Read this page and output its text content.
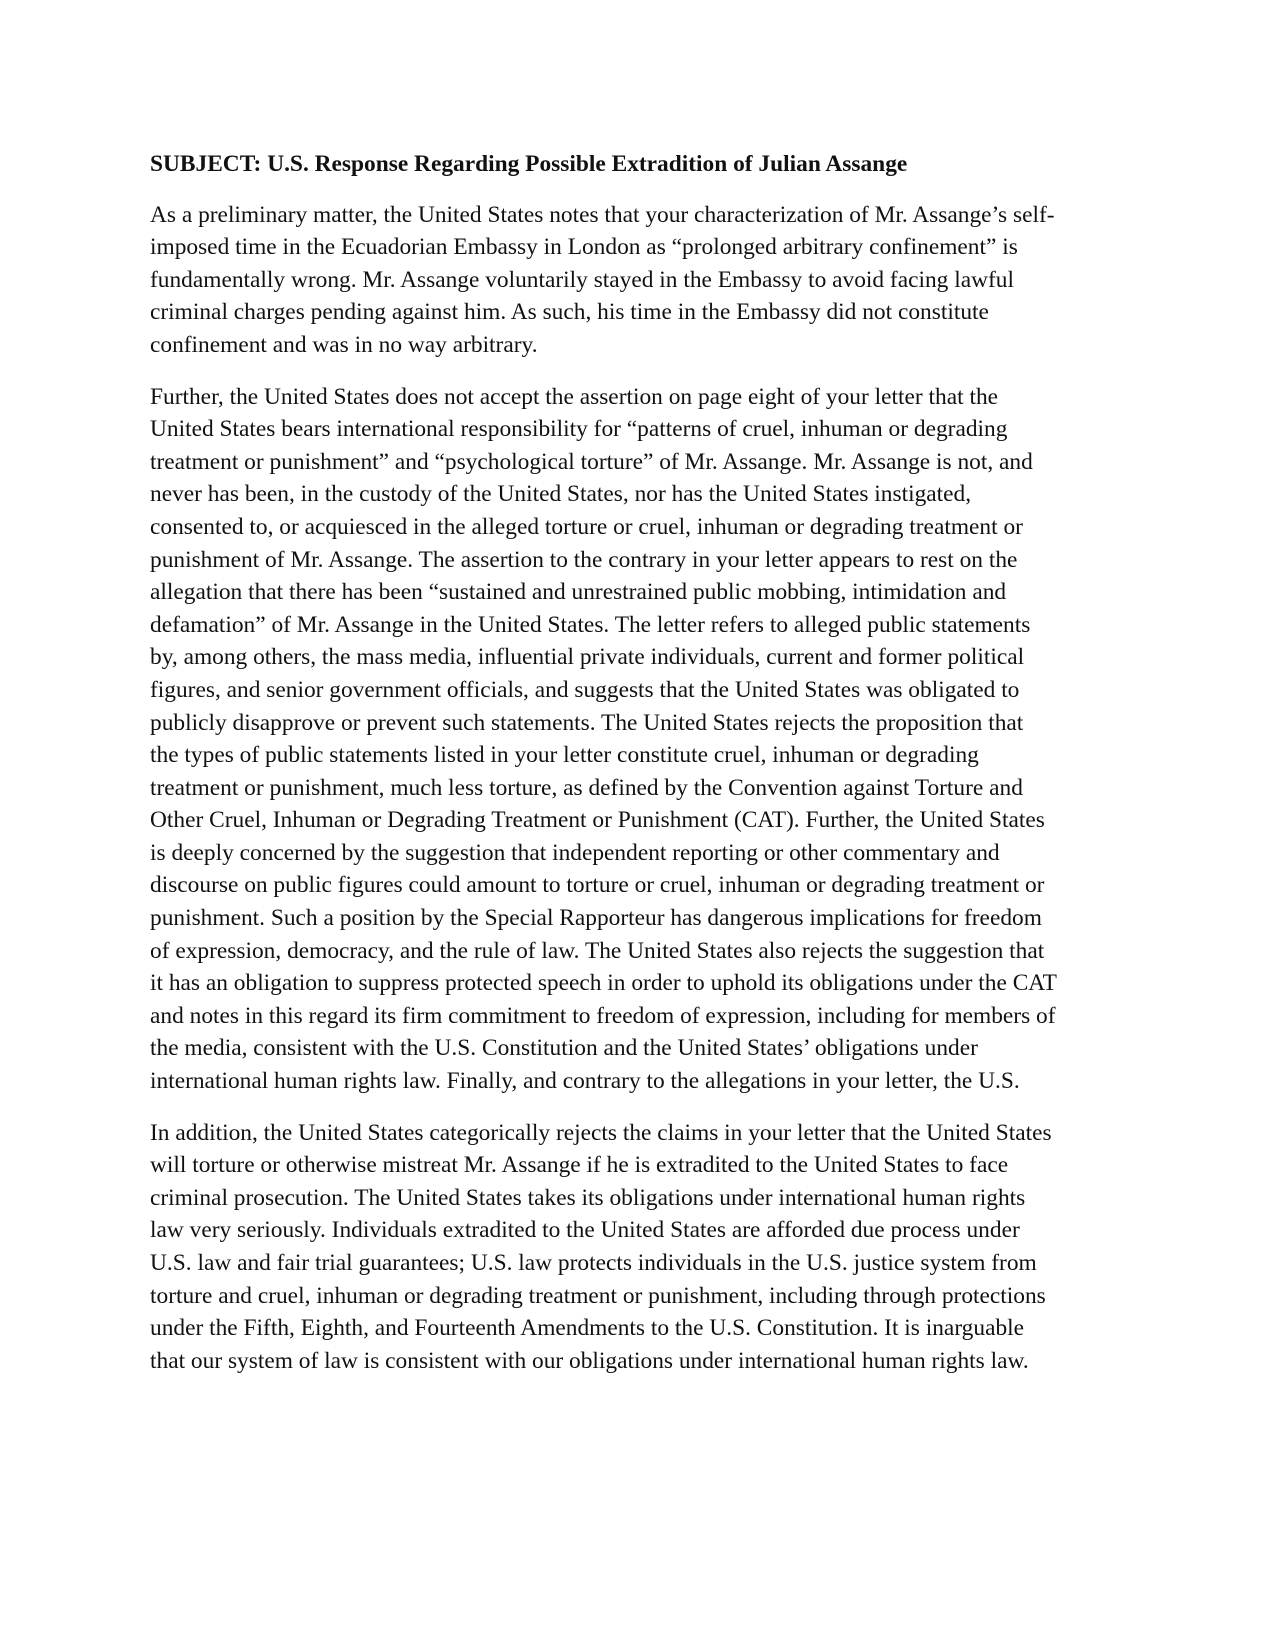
SUBJECT: U.S. Response Regarding Possible Extradition of Julian Assange
As a preliminary matter, the United States notes that your characterization of Mr. Assange’s self-
imposed time in the Ecuadorian Embassy in London as “prolonged arbitrary confinement” is
fundamentally wrong. Mr. Assange voluntarily stayed in the Embassy to avoid facing lawful
criminal charges pending against him. As such, his time in the Embassy did not constitute
confinement and was in no way arbitrary.
Further, the United States does not accept the assertion on page eight of your letter that the
United States bears international responsibility for “patterns of cruel, inhuman or degrading
treatment or punishment” and “psychological torture” of Mr. Assange. Mr. Assange is not, and
never has been, in the custody of the United States, nor has the United States instigated,
consented to, or acquiesced in the alleged torture or cruel, inhuman or degrading treatment or
punishment of Mr. Assange. The assertion to the contrary in your letter appears to rest on the
allegation that there has been “sustained and unrestrained public mobbing, intimidation and
defamation” of Mr. Assange in the United States. The letter refers to alleged public statements
by, among others, the mass media, influential private individuals, current and former political
figures, and senior government officials, and suggests that the United States was obligated to
publicly disapprove or prevent such statements. The United States rejects the proposition that
the types of public statements listed in your letter constitute cruel, inhuman or degrading
treatment or punishment, much less torture, as defined by the Convention against Torture and
Other Cruel, Inhuman or Degrading Treatment or Punishment (CAT). Further, the United States
is deeply concerned by the suggestion that independent reporting or other commentary and
discourse on public figures could amount to torture or cruel, inhuman or degrading treatment or
punishment. Such a position by the Special Rapporteur has dangerous implications for freedom
of expression, democracy, and the rule of law. The United States also rejects the suggestion that
it has an obligation to suppress protected speech in order to uphold its obligations under the CAT
and notes in this regard its firm commitment to freedom of expression, including for members of
the media, consistent with the U.S. Constitution and the United States’ obligations under
international human rights law. Finally, and contrary to the allegations in your letter, the U.S.
In addition, the United States categorically rejects the claims in your letter that the United States
will torture or otherwise mistreat Mr. Assange if he is extradited to the United States to face
criminal prosecution. The United States takes its obligations under international human rights
law very seriously. Individuals extradited to the United States are afforded due process under
U.S. law and fair trial guarantees; U.S. law protects individuals in the U.S. justice system from
torture and cruel, inhuman or degrading treatment or punishment, including through protections
under the Fifth, Eighth, and Fourteenth Amendments to the U.S. Constitution. It is inarguable
that our system of law is consistent with our obligations under international human rights law.
